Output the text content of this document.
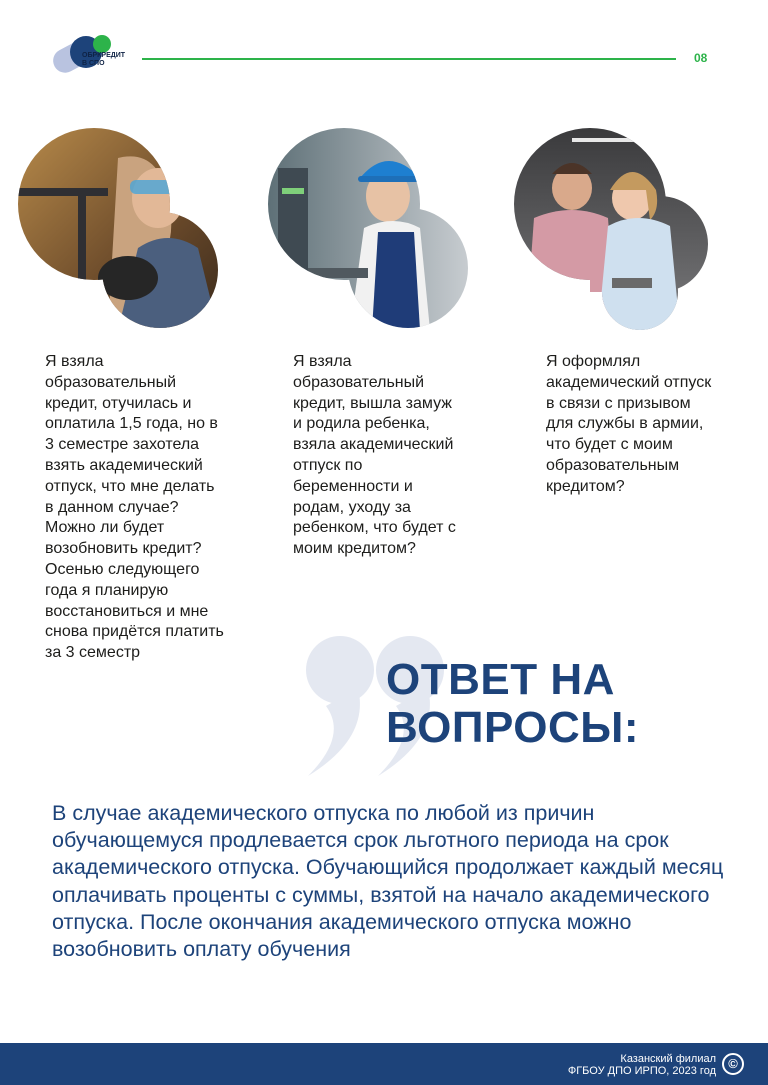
ОБРКРЕДИТ
В СПО	08
Я взяла образовательный кредит, отучилась и оплатила 1,5 года, но в 3 семестре захотела взять академический отпуск, что мне делать в данном случае? Можно ли будет возобновить кредит? Осенью следующего года я планирую восстановиться и мне снова придётся платить за 3 семестр
Я взяла образовательный кредит, вышла замуж и родила ребенка, взяла академический отпуск по беременности и родам, уходу за ребенком, что будет с моим кредитом?
Я оформлял академический отпуск в связи с призывом для службы в армии, что будет с моим образовательным кредитом?
ОТВЕТ НА
ВОПРОСЫ:
В случае академического отпуска по любой из причин обучающемуся продлевается срок льготного периода на срок академического отпуска. Обучающийся продолжает каждый месяц оплачивать проценты с суммы, взятой на начало академического отпуска. После окончания академического отпуска можно возобновить оплату обучения
Казанский филиал
ФГБОУ ДПО ИРПО, 2023 год ©
